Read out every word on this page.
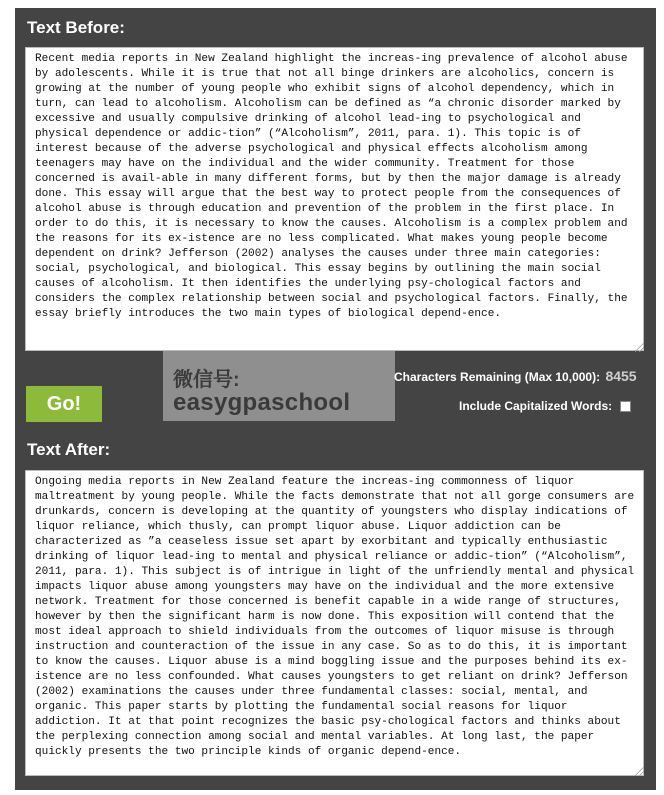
Text Before:
Recent media reports in New Zealand highlight the increas-ing prevalence of alcohol abuse by adolescents. While it is true that not all binge drinkers are alcoholics, concern is growing at the number of young people who exhibit signs of alcohol dependency, which in turn, can lead to alcoholism. Alcoholism can be defined as “a chronic disorder marked by excessive and usually compulsive drinking of alcohol lead-ing to psychological and physical dependence or addic-tion” (“Alcoholism”, 2011, para. 1). This topic is of interest because of the adverse psychological and physical effects alcoholism among teenagers may have on the individual and the wider community. Treatment for those concerned is avail-able in many different forms, but by then the major damage is already done. This essay will argue that the best way to protect people from the consequences of alcohol abuse is through education and prevention of the problem in the first place. In order to do this, it is necessary to know the causes. Alcoholism is a complex problem and the reasons for its ex-istence are no less complicated. What makes young people become dependent on drink? Jefferson (2002) analyses the causes under three main categories: social, psychological, and biological. This essay begins by outlining the main social causes of alcoholism. It then identifies the underlying psy-chological factors and considers the complex relationship between social and psychological factors. Finally, the essay briefly introduces the two main types of biological depend-ence.
微信号:
easygpaschool
Go!
Characters Remaining (Max 10,000): 8455
Include Capitalized Words:
Text After:
Ongoing media reports in New Zealand feature the increas-ing commonness of liquor maltreatment by young people. While the facts demonstrate that not all gorge consumers are drunkards, concern is developing at the quantity of youngsters who display indications of liquor reliance, which thusly, can prompt liquor abuse. Liquor addiction can be characterized as ”a ceaseless issue set apart by exorbitant and typically enthusiastic drinking of liquor lead-ing to mental and physical reliance or addic-tion” (“Alcoholism”, 2011, para. 1). This subject is of intrigue in light of the unfriendly mental and physical impacts liquor abuse among youngsters may have on the individual and the more extensive network. Treatment for those concerned is benefit capable in a wide range of structures, however by then the significant harm is now done. This exposition will contend that the most ideal approach to shield individuals from the outcomes of liquor misuse is through instruction and counteraction of the issue in any case. So as to do this, it is important to know the causes. Liquor abuse is a mind boggling issue and the purposes behind its ex-istence are no less confounded. What causes youngsters to get reliant on drink? Jefferson (2002) examinations the causes under three fundamental classes: social, mental, and organic. This paper starts by plotting the fundamental social reasons for liquor addiction. It at that point recognizes the basic psy-chological factors and thinks about the perplexing connection among social and mental variables. At long last, the paper quickly presents the two principle kinds of organic depend-ence.
